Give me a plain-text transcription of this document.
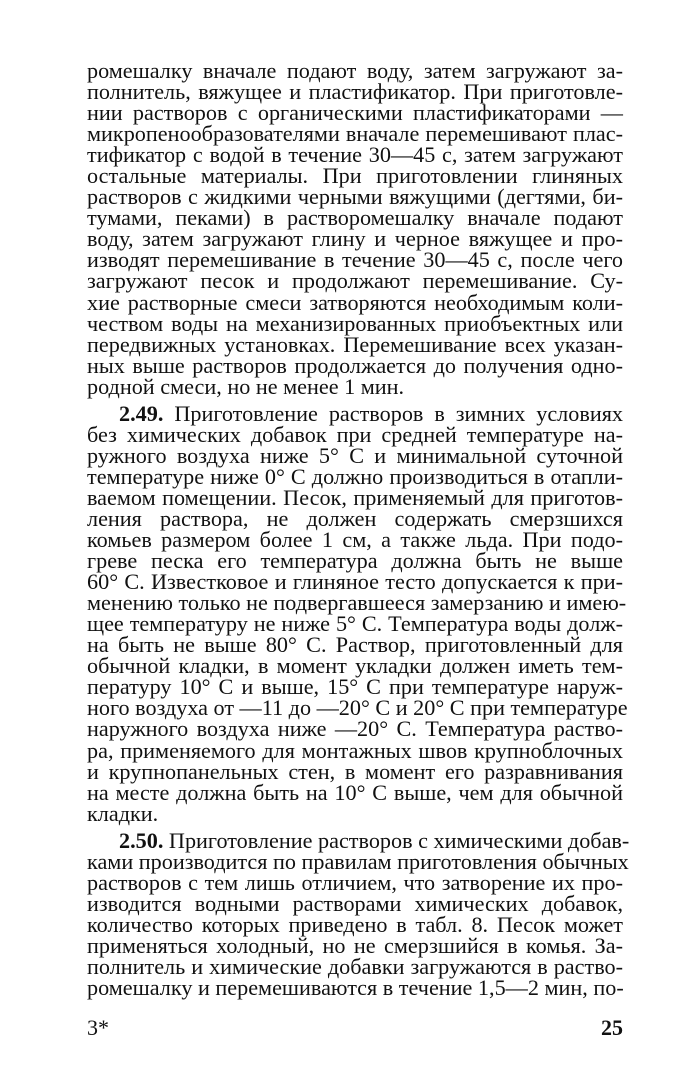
ромешалку вначале подают воду, затем загружают за-
полнитель, вяжущее и пластификатор. При приготовле-
нии растворов с органическими пластификаторами —
микропенообразователями вначале перемешивают плас-
тификатор с водой в течение 30—45 с, затем загружают
остальные материалы. При приготовлении глиняных
растворов с жидкими черными вяжущими (дегтями, би-
тумами, пеками) в растворомешалку вначале подают
воду, затем загружают глину и черное вяжущее и про-
изводят перемешивание в течение 30—45 с, после чего
загружают песок и продолжают перемешивание. Су-
хие растворные смеси затворяются необходимым коли-
чеством воды на механизированных приобъектных или
передвижных установках. Перемешивание всех указан-
ных выше растворов продолжается до получения одно-
родной смеси, но не менее 1 мин.

2.49. Приготовление растворов в зимних условиях
без химических добавок при средней температуре на-
ружного воздуха ниже 5° С и минимальной суточной
температуре ниже 0° С должно производиться в отапли-
ваемом помещении. Песок, применяемый для приготов-
ления раствора, не должен содержать смерзшихся
комьев размером более 1 см, а также льда. При подо-
греве песка его температура должна быть не выше
60° С. Известковое и глиняное тесто допускается к при-
менению только не подвергавшееся замерзанию и имею-
щее температуру не ниже 5° С. Температура воды долж-
на быть не выше 80° С. Раствор, приготовленный для
обычной кладки, в момент укладки должен иметь тем-
пературу 10° С и выше, 15° С при температуре наруж-
ного воздуха от —11 до —20° С и 20° С при температуре
наружного воздуха ниже —20° С. Температура раство-
ра, применяемого для монтажных швов крупноблочных
и крупнопанельных стен, в момент его разравнивания
на месте должна быть на 10° С выше, чем для обычной
кладки.

2.50. Приготовление растворов с химическими добав-
ками производится по правилам приготовления обычных
растворов с тем лишь отличием, что затворение их про-
изводится водными растворами химических добавок,
количество которых приведено в табл. 8. Песок может
применяться холодный, но не смерзшийся в комья. За-
полнитель и химические добавки загружаются в раство-
ромешалку и перемешиваются в течение 1,5—2 мин, по-

3*	25
